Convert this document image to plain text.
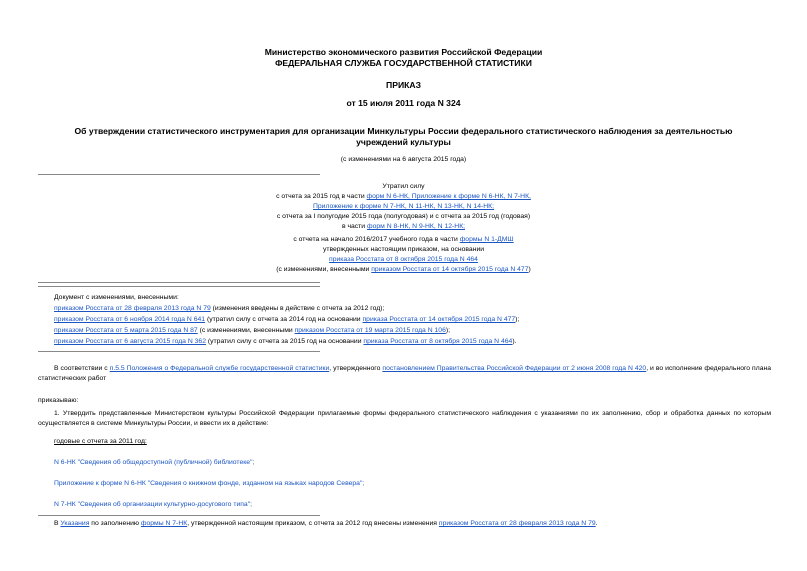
Министерство экономического развития Российской Федерации
ФЕДЕРАЛЬНАЯ СЛУЖБА ГОСУДАРСТВЕННОЙ СТАТИСТИКИ
ПРИКАЗ
от 15 июля 2011 года N 324
Об утверждении статистического инструментария для организации Минкультуры России федерального статистического наблюдения за деятельностью
учреждений культуры
(с изменениями на 6 августа 2015 года)
Утратил силу
с отчета за 2015 год в части форм N 6-НК, Приложение к форме N 6-НК, N 7-НК,
Приложение к форме N 7-НК, N 11-НК, N 13-НК, N 14-НК;
с отчета за I полугодие 2015 года (полугодовая) и с отчета за 2015 год (годовая)
в части форм N 8-НК, N 9-НК, N 12-НК;
с отчета на начало 2016/2017 учебного года в части формы N 1-ДМШ
утвержденных настоящим приказом, на основании
приказа Росстата от 8 октября 2015 года N 464
(с изменениями, внесенными приказом Росстата от 14 октября 2015 года N 477)
Документ с изменениями, внесенными:
приказом Росстата от 28 февраля 2013 года N 79 (изменения введены в действие с отчета за 2012 год);
приказом Росстата от 6 ноября 2014 года N 641 (утратил силу с отчета за 2014 год на основании приказа Росстата от 14 октября 2015 года N 477);
приказом Росстата от 5 марта 2015 года N 87 (с изменениями, внесенными приказом Росстата от 19 марта 2015 года N 106);
приказом Росстата от 6 августа 2015 года N 362 (утратил силу с отчета за 2015 год на основании приказа Росстата от 8 октября 2015 года N 464).
В соответствии с п.5.5 Положения о Федеральной службе государственной статистики, утвержденного постановлением Правительства Российской Федерации от 2 июня 2008 года N 420, и во исполнение федерального плана статистических работ
приказываю:
1. Утвердить представленные Министерством культуры Российской Федерации прилагаемые формы федерального статистического наблюдения с указаниями по их заполнению, сбор и обработка данных по которым осуществляется в системе Минкультуры России, и ввести их в действие:
годовые с отчета за 2011 год:
N 6-НК "Сведения об общедоступной (публичной) библиотеке";
Приложение к форме N 6-НК "Сведения о книжном фонде, изданном на языках народов Севера";
N 7-НК "Сведения об организации культурно-досугового типа";
В Указания по заполнению формы N 7-НК, утвержденной настоящим приказом, с отчета за 2012 год внесены изменения приказом Росстата от 28 февраля 2013 года N 79.
